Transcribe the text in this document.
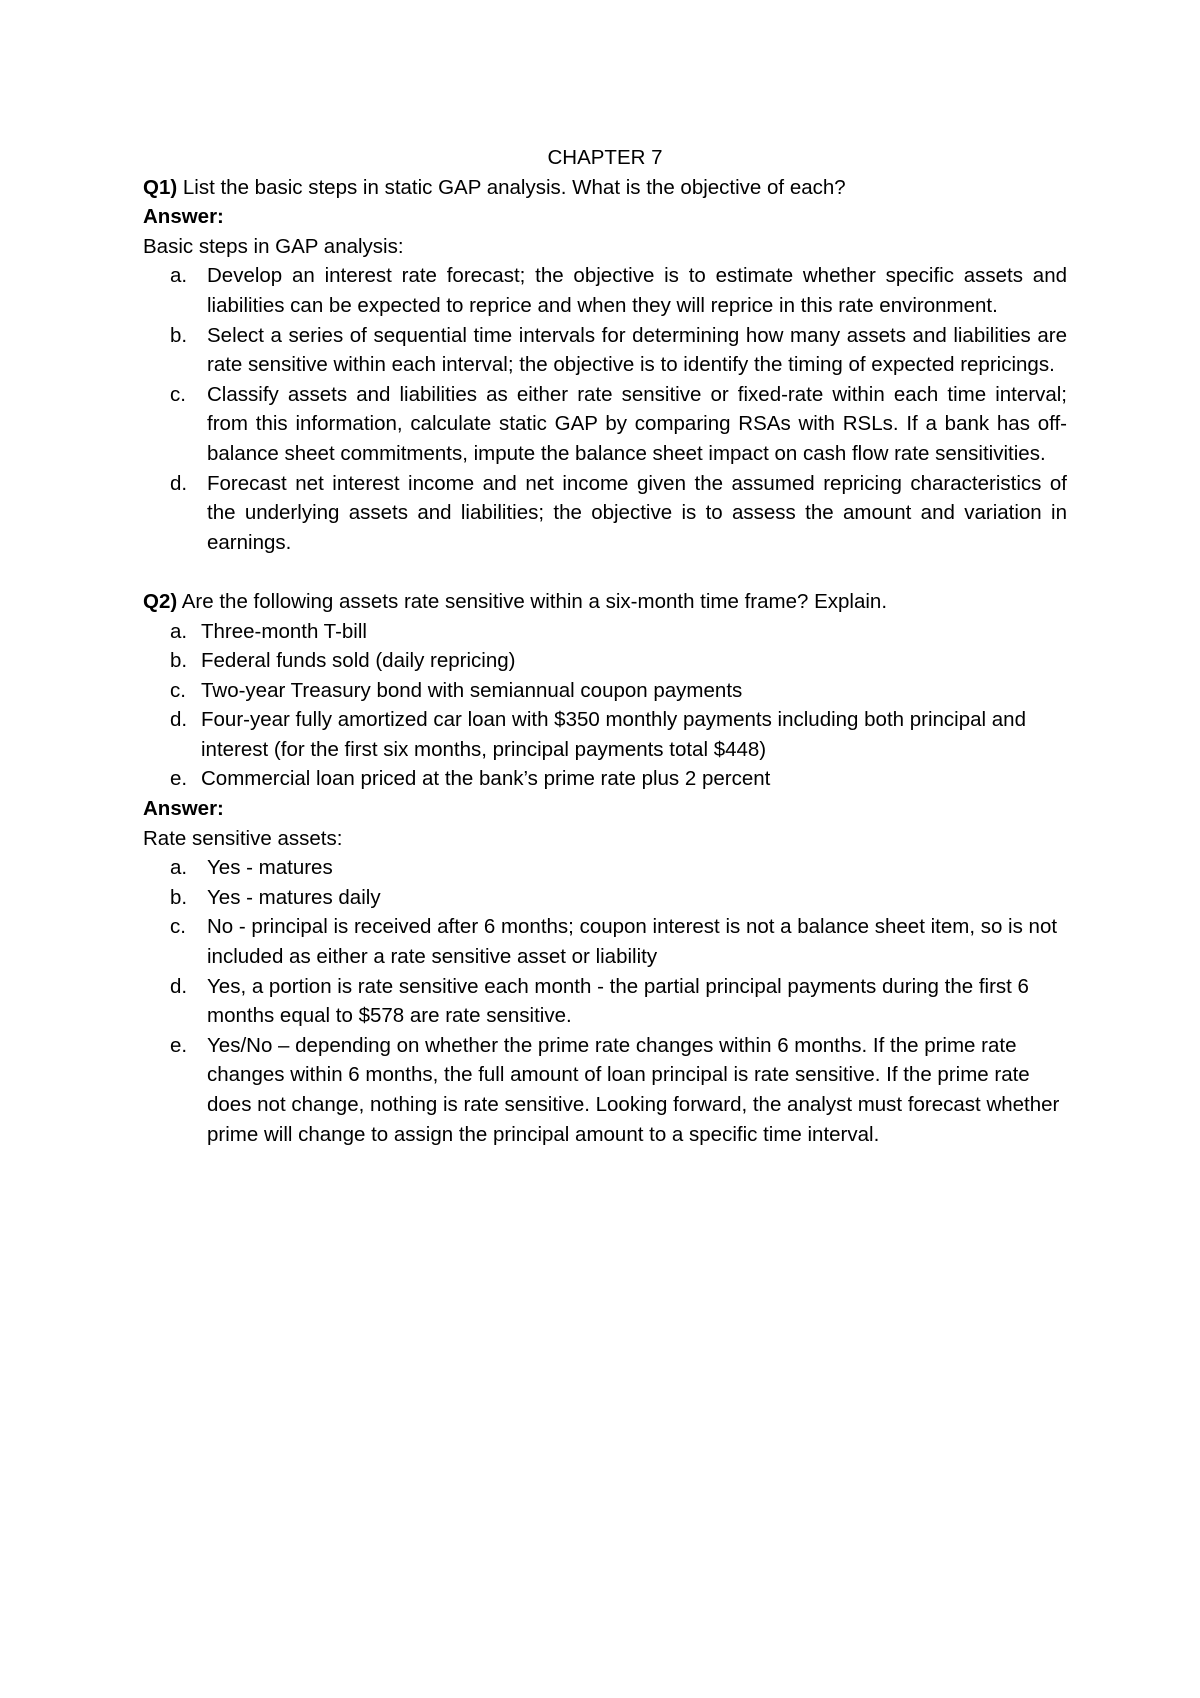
CHAPTER 7

Q1) List the basic steps in static GAP analysis. What is the objective of each?

Answer:

Basic steps in GAP analysis:

a. Develop an interest rate forecast; the objective is to estimate whether specific assets and liabilities can be expected to reprice and when they will reprice in this rate environment.
b. Select a series of sequential time intervals for determining how many assets and liabilities are rate sensitive within each interval; the objective is to identify the timing of expected repricings.
c. Classify assets and liabilities as either rate sensitive or fixed-rate within each time interval; from this information, calculate static GAP by comparing RSAs with RSLs. If a bank has off-balance sheet commitments, impute the balance sheet impact on cash flow rate sensitivities.
d. Forecast net interest income and net income given the assumed repricing characteristics of the underlying assets and liabilities; the objective is to assess the amount and variation in earnings.

Q2) Are the following assets rate sensitive within a six-month time frame? Explain.

a. Three-month T-bill
b. Federal funds sold (daily repricing)
c. Two-year Treasury bond with semiannual coupon payments
d. Four-year fully amortized car loan with $350 monthly payments including both principal and interest (for the first six months, principal payments total $448)
e. Commercial loan priced at the bank’s prime rate plus 2 percent

Answer:

Rate sensitive assets:

a. Yes - matures
b. Yes - matures daily
c. No - principal is received after 6 months; coupon interest is not a balance sheet item, so is not included as either a rate sensitive asset or liability
d. Yes, a portion is rate sensitive each month - the partial principal payments during the first 6 months equal to $578 are rate sensitive.
e. Yes/No – depending on whether the prime rate changes within 6 months. If the prime rate changes within 6 months, the full amount of loan principal is rate sensitive. If the prime rate does not change, nothing is rate sensitive. Looking forward, the analyst must forecast whether prime will change to assign the principal amount to a specific time interval.
